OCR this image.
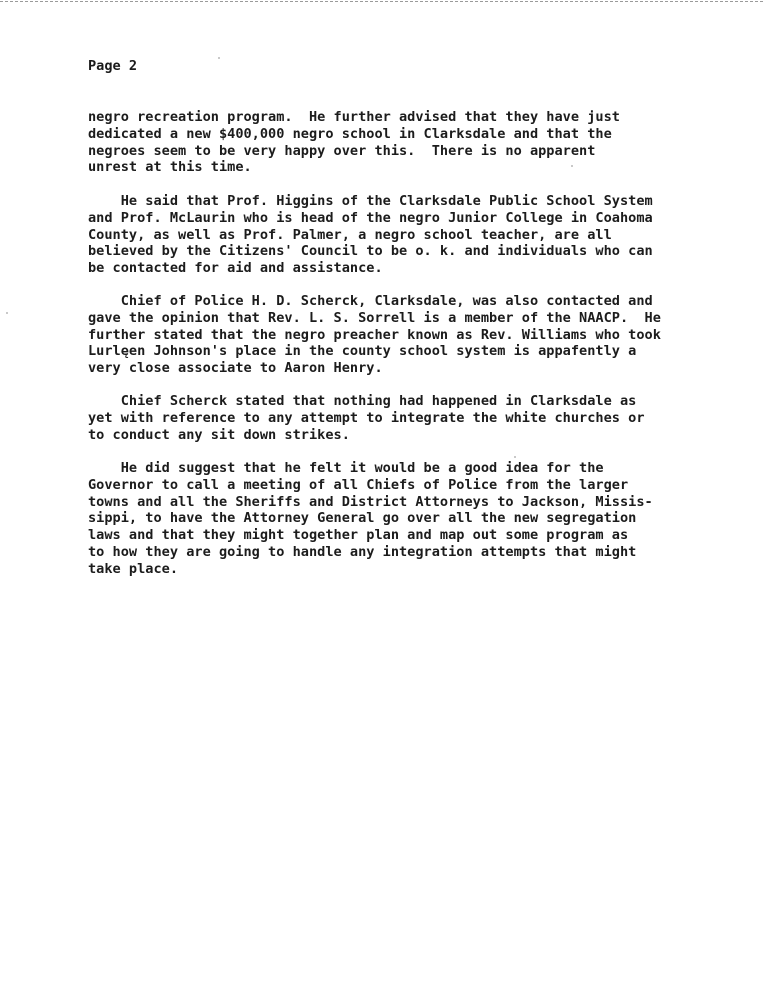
Page 2
negro recreation program.  He further advised that they have just
dedicated a new $400,000 negro school in Clarksdale and that the
negroes seem to be very happy over this.  There is no apparent
unrest at this time.
He said that Prof. Higgins of the Clarksdale Public School System
and Prof. McLaurin who is head of the negro Junior College in Coahoma
County, as well as Prof. Palmer, a negro school teacher, are all
believed by the Citizens' Council to be o. k. and individuals who can
be contacted for aid and assistance.
Chief of Police H. D. Scherck, Clarksdale, was also contacted and
gave the opinion that Rev. L. S. Sorrell is a member of the NAACP.  He
further stated that the negro preacher known as Rev. Williams who took
Lurlęen Johnson's place in the county school system is appafently a
very close associate to Aaron Henry.
Chief Scherck stated that nothing had happened in Clarksdale as
yet with reference to any attempt to integrate the white churches or
to conduct any sit down strikes.
He did suggest that he felt it would be a good idea for the
Governor to call a meeting of all Chiefs of Police from the larger
towns and all the Sheriffs and District Attorneys to Jackson, Missis-
sippi, to have the Attorney General go over all the new segregation
laws and that they might together plan and map out some program as
to how they are going to handle any integration attempts that might
take place.
